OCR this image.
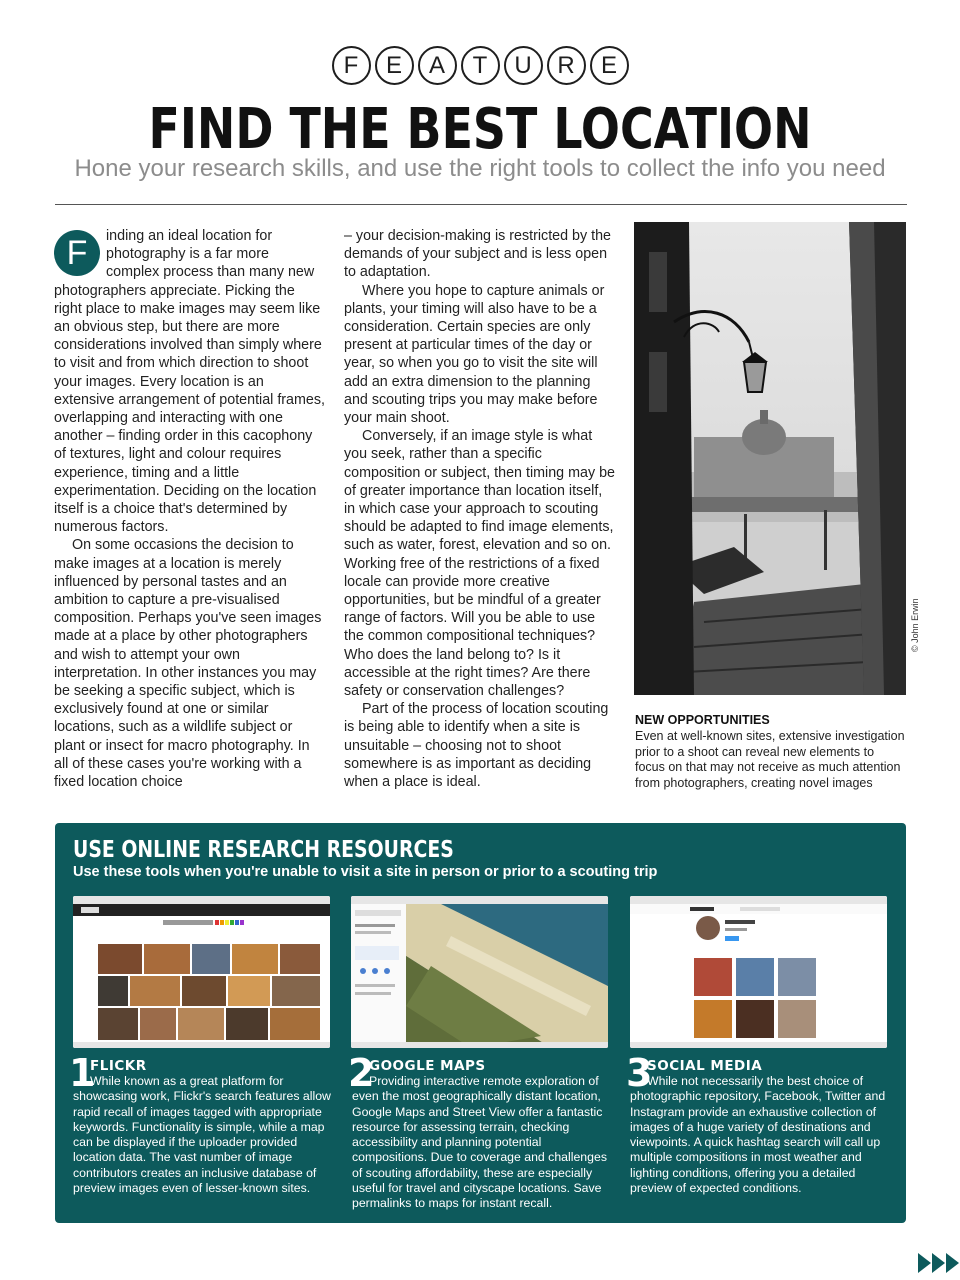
F	E	A	T	U	R	E
FIND THE BEST LOCATION
Hone your research skills, and use the right tools to collect the info you need

F	inding an ideal location for photography is a far more complex process than many new photographers appreciate. Picking the right place to make images may seem like an obvious step, but there are more considerations involved than simply where to visit and from which direction to shoot your images. Every location is an extensive arrangement of potential frames, overlapping and interacting with one another – finding order in this cacophony of textures, light and colour requires experience, timing and a little experimentation. Deciding on the location itself is a choice that's determined by numerous factors.

On some occasions the decision to make images at a location is merely influenced by personal tastes and an ambition to capture a pre-visualised composition. Perhaps you've seen images made at a place by other photographers and wish to attempt your own interpretation. In other instances you may be seeking a specific subject, which is exclusively found at one or similar locations, such as a wildlife subject or plant or insect for macro photography. In all of these cases you're working with a fixed location choice

– your decision-making is restricted by the demands of your subject and is less open to adaptation.

Where you hope to capture animals or plants, your timing will also have to be a consideration. Certain species are only present at particular times of the day or year, so when you go to visit the site will add an extra dimension to the planning and scouting trips you may make before your main shoot.

Conversely, if an image style is what you seek, rather than a specific composition or subject, then timing may be of greater importance than location itself, in which case your approach to scouting should be adapted to find image elements, such as water, forest, elevation and so on. Working free of the restrictions of a fixed locale can provide more creative opportunities, but be mindful of a greater range of factors. Will you be able to use the common compositional techniques? Who does the land belong to? Is it accessible at the right times? Are there safety or conservation challenges?

Part of the process of location scouting is being able to identify when a site is unsuitable – choosing not to shoot somewhere is as important as deciding when a place is ideal.

© John Erwin
NEW OPPORTUNITIES
Even at well-known sites, extensive investigation prior to a shoot can reveal new elements to focus on that may not receive as much attention from photographers, creating novel images
USE ONLINE RESEARCH RESOURCES
Use these tools when you're unable to visit a site in person or prior to a scouting trip
1
FLICKR
While known as a great platform for showcasing work, Flickr's search features allow rapid recall of images tagged with appropriate keywords. Functionality is simple, while a map can be displayed if the uploader provided location data. The vast number of image contributors creates an inclusive database of preview images even of lesser-known sites.
2
GOOGLE MAPS
Providing interactive remote exploration of even the most geographically distant location, Google Maps and Street View offer a fantastic resource for assessing terrain, checking accessibility and planning potential compositions. Due to coverage and challenges of scouting affordability, these are especially useful for travel and cityscape locations. Save permalinks to maps for instant recall.
3
SOCIAL MEDIA
While not necessarily the best choice of photographic repository, Facebook, Twitter and Instagram provide an exhaustive collection of images of a huge variety of destinations and viewpoints. A quick hashtag search will call up multiple compositions in most weather and lighting conditions, offering you a detailed preview of expected conditions.
